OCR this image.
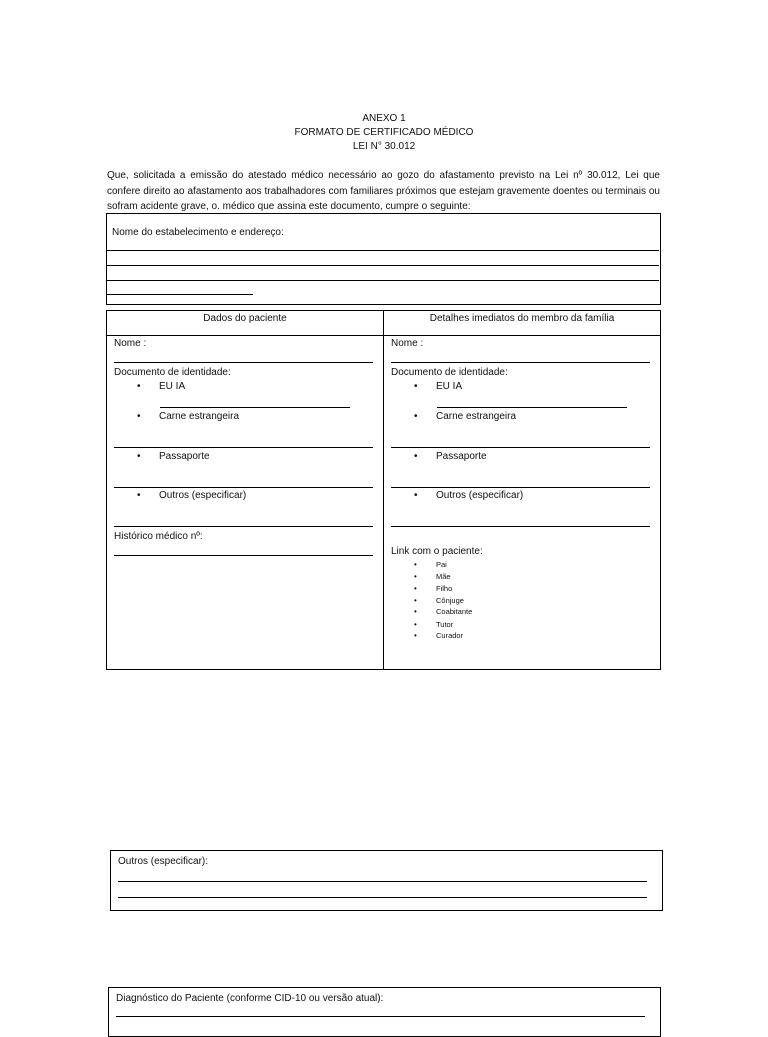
ANEXO 1
FORMATO DE CERTIFICADO MÉDICO
LEI N° 30.012
Que, solicitada a emissão do atestado médico necessário ao gozo do afastamento previsto na Lei nº 30.012, Lei que confere direito ao afastamento aos trabalhadores com familiares próximos que estejam gravemente doentes ou terminais ou sofram acidente grave, o. médico que assina este documento, cumpre o seguinte:
Nome do estabelecimento e endereço:
Dados do paciente	Detalhes imediatos do membro da família
Nome :
Documento de identidade:
• EU IA
• Carne estrangeira
• Passaporte
• Outros (especificar)
Histórico médico nº:
Nome :
Documento de identidade:
• EU IA
• Carne estrangeira
• Passaporte
• Outros (especificar)
Link com o paciente:
•	Pai
•	Mãe
•	Filho
•	Cônjuge
•	Coabitante
•	Tutor
•	Curador
Outros (especificar):
Diagnóstico do Paciente (conforme CID-10 ou versão atual):
